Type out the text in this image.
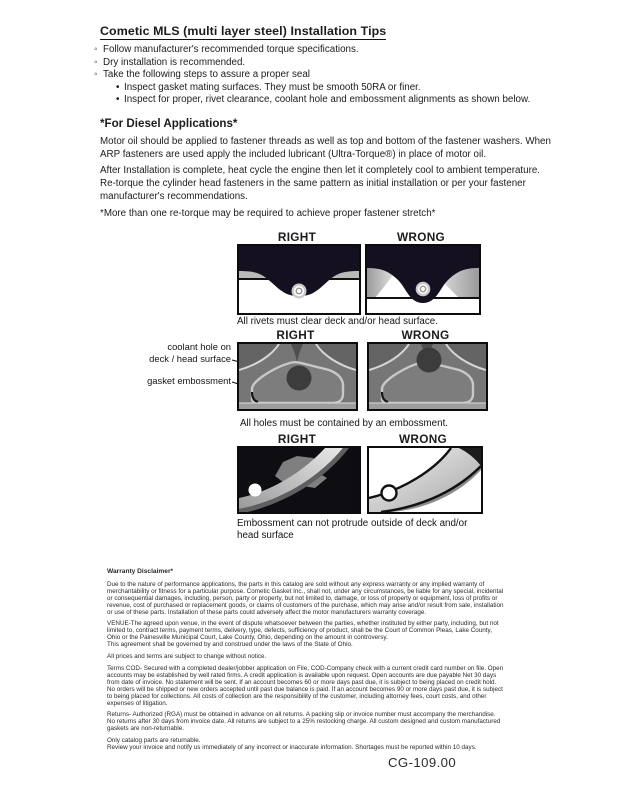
Cometic MLS (multi layer steel) Installation Tips
◦ Follow manufacturer's recommended torque specifications.
◦ Dry installation is recommended.
◦ Take the following steps to assure a proper seal
• Inspect gasket mating surfaces. They must be smooth 50RA or finer.
• Inspect for proper, rivet clearance, coolant hole and embossment alignments as shown below.
*For Diesel Applications*
Motor oil should be applied to fastener threads as well as top and bottom of the fastener washers. When ARP fasteners are used apply the included lubricant (Ultra-Torque®) in place of motor oil.
After Installation is complete, heat cycle the engine then let it completely cool to ambient temperature. Re-torque the cylinder head fasteners in the same pattern as initial installation or per your fastener manufacturer's recommendations.
*More than one re-torque may be required to achieve proper fastener stretch*
RIGHT	WRONG
All rivets must clear deck and/or head surface.
RIGHT	WRONG
coolant hole on
deck / head surface
gasket embossment
All holes must be contained by an embossment.
RIGHT	WRONG
Embossment can not protrude outside of deck and/or head surface
Warranty Disclaimer*

Due to the nature of performance applications, the parts in this catalog are sold without any express warranty or any implied warranty of merchantability or fitness for a particular purpose. Cometic Gasket Inc., shall not, under any circumstances, be liable for any special, incidental or consequential damages, including, person, party or property, but not limited to, damage, or loss of property or equipment, loss of profits or revenue, cost of purchased or replacement goods, or claims of customers of the purchase, which may arise and/or result from sale, installation or use of these parts. Installation of these parts could adversely affect the motor manufacturers warranty coverage.

VENUE-The agreed upon venue, in the event of dispute whatsoever between the parties, whether instituted by either party, including, but not limited to, contract terms, payment terms, delivery, type, defects, sufficiency of product, shall be the Court of Common Pleas, Lake County, Ohio or the Painesville Municipal Court, Lake County, Ohio, depending on the amount in controversy.

This agreement shall be governed by and construed under the laws of the State of Ohio.

All prices and terms are subject to change without notice.

Terms COD- Secured with a completed dealer/jobber application on File, COD-Company check with a current credit card number on file. Open accounts may be established by well rated firms. A credit application is available upon request. Open accounts are due payable Net 30 days from date of invoice. No statement will be sent. If an account becomes 60 or more days past due, it is subject to being placed on credit hold. No orders will be shipped or new orders accepted until past due balance is paid. If an account becomes 90 or more days past due, it is subject to being placed for collections. All costs of collection are the responsibility of the customer, including attorney fees, court costs, and other expenses of litigation.

Returns- Authorized (RGA) must be obtained in advance on all returns. A packing slip or invoice number must accompany the merchandise. No returns after 30 days from invoice date. All returns are subject to a 25% restocking charge. All custom designed and custom manufactured gaskets are non-returnable.

Only catalog parts are returnable.

Review your invoice and notify us immediately of any incorrect or inaccurate information. Shortages must be reported within 10 days.

CG-109.00
